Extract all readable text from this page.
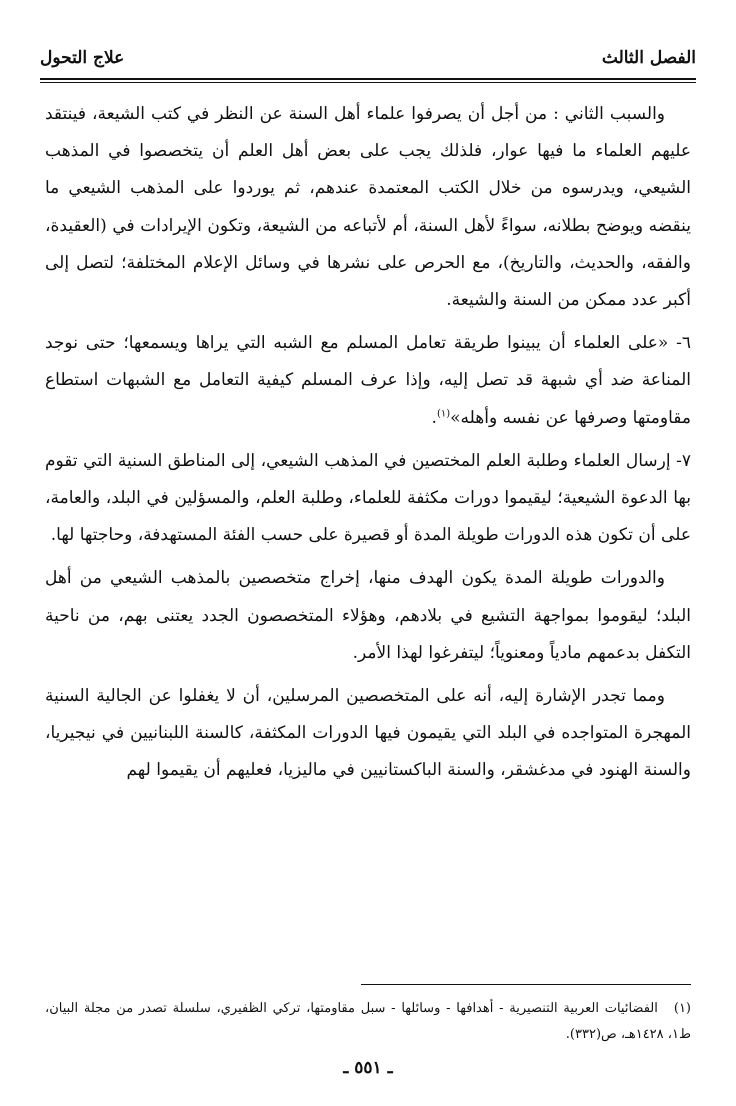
الفصل الثالث
علاج التحول

والسبب الثاني : من أجل أن يصرفوا علماء أهل السنة عن النظر في كتب الشيعة، فينتقد عليهم العلماء ما فيها عوار، فلذلك يجب على بعض أهل العلم أن يتخصصوا في المذهب الشيعي، ويدرسوه من خلال الكتب المعتمدة عندهم، ثم يوردوا على المذهب الشيعي ما ينقضه ويوضح بطلانه، سواءً لأهل السنة، أم لأتباعه من الشيعة، وتكون الإيرادات في (العقيدة، والفقه، والحديث، والتاريخ)، مع الحرص على نشرها في وسائل الإعلام المختلفة؛ لتصل إلى أكبر عدد ممكن من السنة والشيعة.

٦- «على العلماء أن يبينوا طريقة تعامل المسلم مع الشبه التي يراها ويسمعها؛ حتى نوجد المناعة ضد أي شبهة قد تصل إليه، وإذا عرف المسلم كيفية التعامل مع الشبهات استطاع مقاومتها وصرفها عن نفسه وأهله»$^{(١)}$.

٧- إرسال العلماء وطلبة العلم المختصين في المذهب الشيعي، إلى المناطق السنية التي تقوم بها الدعوة الشيعية؛ ليقيموا دورات مكثفة للعلماء، وطلبة العلم، والمسؤلين في البلد، والعامة، على أن تكون هذه الدورات طويلة المدة أو قصيرة على حسب الفئة المستهدفة، وحاجتها لها.

والدورات طويلة المدة يكون الهدف منها، إخراج متخصصين بالمذهب الشيعي من أهل البلد؛ ليقوموا بمواجهة التشيع في بلادهم، وهؤلاء المتخصصون الجدد يعتنى بهم، من ناحية التكفل بدعمهم مادياً ومعنوياً؛ ليتفرغوا لهذا الأمر.

ومما تجدر الإشارة إليه، أنه على المتخصصين المرسلين، أن لا يغفلوا عن الجالية السنية المهجرة المتواجده في البلد التي يقيمون فيها الدورات المكثفة، كالسنة اللبنانيين في نيجيريا، والسنة الهنود في مدغشقر، والسنة الباكستانيين في ماليزيا، فعليهم أن يقيموا لهم

(١)الفضائيات العربية التنصيرية - أهدافها - وسائلها - سبل مقاومتها، تركي الظفيري، سلسلة تصدر من مجلة البيان، ط١، ١٤٢٨هـ، ص(٣٣٢).
ـ ٥٥١ ـ
